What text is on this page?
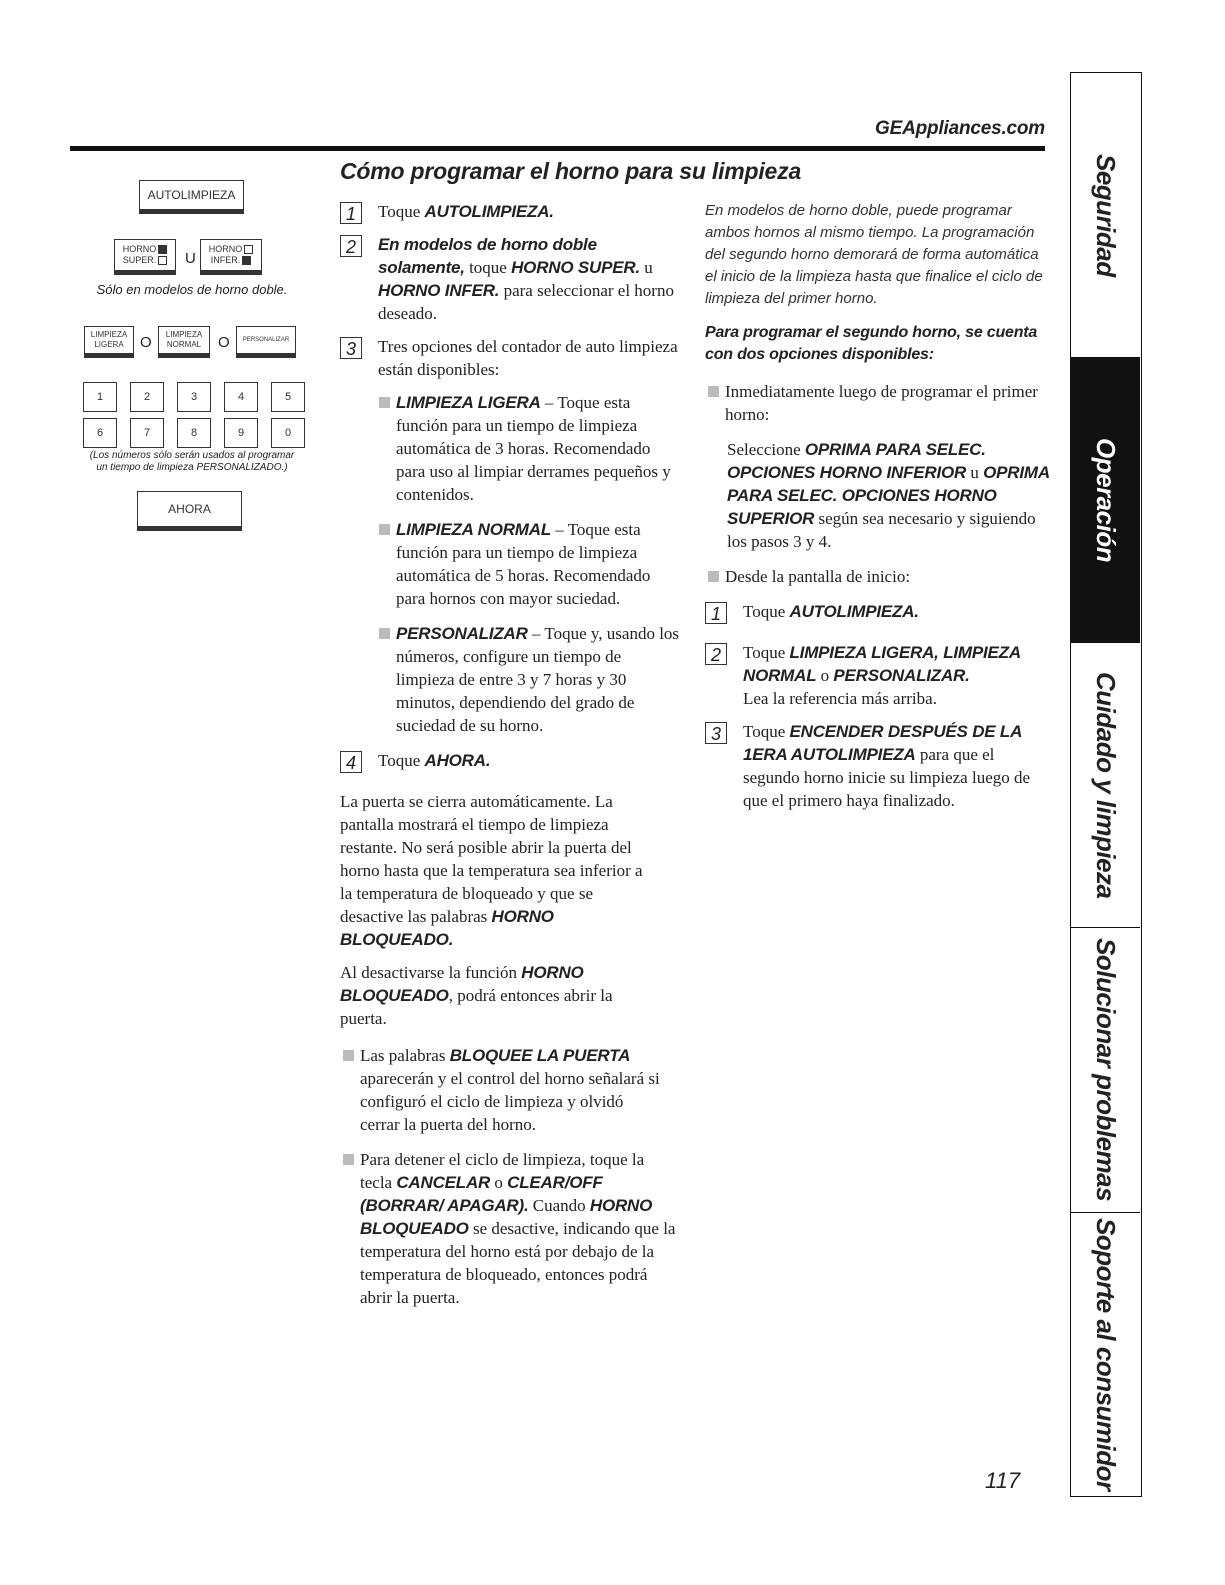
GEAppliances.com
AUTOLIMPIEZA
HORNO
SUPER.	U
HORNO
INFER.
Sólo en modelos de horno doble.
LIMPIEZA
LIGERA O LIMPIEZA
NORMAL O PERSONALIZAR
1	2	3	4	5
6	7	8	9	0
(Los números sólo serán usados al programar
un tiempo de limpieza PERSONALIZADO.)
AHORA
Cómo programar el horno para su limpieza
1	Toque AUTOLIMPIEZA.
2	En modelos de horno doble solamente, toque HORNO SUPER. u HORNO INFER. para seleccionar el horno deseado.
3	Tres opciones del contador de auto limpieza están disponibles:
LIMPIEZA LIGERA – Toque esta función para un tiempo de limpieza automática de 3 horas. Recomendado para uso al limpiar derrames pequeños y contenidos.
LIMPIEZA NORMAL – Toque esta función para un tiempo de limpieza automática de 5 horas. Recomendado para hornos con mayor suciedad.
PERSONALIZAR – Toque y, usando los números, configure un tiempo de limpieza de entre 3 y 7 horas y 30 minutos, dependiendo del grado de suciedad de su horno.
4	Toque AHORA.

La puerta se cierra automáticamente. La pantalla mostrará el tiempo de limpieza restante. No será posible abrir la puerta del horno hasta que la temperatura sea inferior a la temperatura de bloqueado y que se desactive las palabras HORNO BLOQUEADO.

Al desactivarse la función HORNO BLOQUEADO, podrá entonces abrir la puerta.

Las palabras BLOQUEE LA PUERTA aparecerán y el control del horno señalará si configuró el ciclo de limpieza y olvidó cerrar la puerta del horno.
Para detener el ciclo de limpieza, toque la tecla CANCELAR o CLEAR/OFF (BORRAR/ APAGAR). Cuando HORNO BLOQUEADO se desactive, indicando que la temperatura del horno está por debajo de la temperatura de bloqueado, entonces podrá abrir la puerta.

En modelos de horno doble, puede programar ambos hornos al mismo tiempo. La programación del segundo horno demorará de forma automática el inicio de la limpieza hasta que finalice el ciclo de limpieza del primer horno.

Para programar el segundo horno, se cuenta con dos opciones disponibles:

Inmediatamente luego de programar el primer horno:
Seleccione OPRIMA PARA SELEC. OPCIONES HORNO INFERIOR u OPRIMA PARA SELEC. OPCIONES HORNO SUPERIOR según sea necesario y siguiendo los pasos 3 y 4.
Desde la pantalla de inicio:
1	Toque AUTOLIMPIEZA.
2	Toque LIMPIEZA LIGERA, LIMPIEZA NORMAL o PERSONALIZAR.
Lea la referencia más arriba.
3	Toque ENCENDER DESPUÉS DE LA 1ERA AUTOLIMPIEZA para que el segundo horno inicie su limpieza luego de que el primero haya finalizado.
117
Seguridad
Operación
Cuidado y limpieza
Solucionar problemas
Soporte al consumidor
